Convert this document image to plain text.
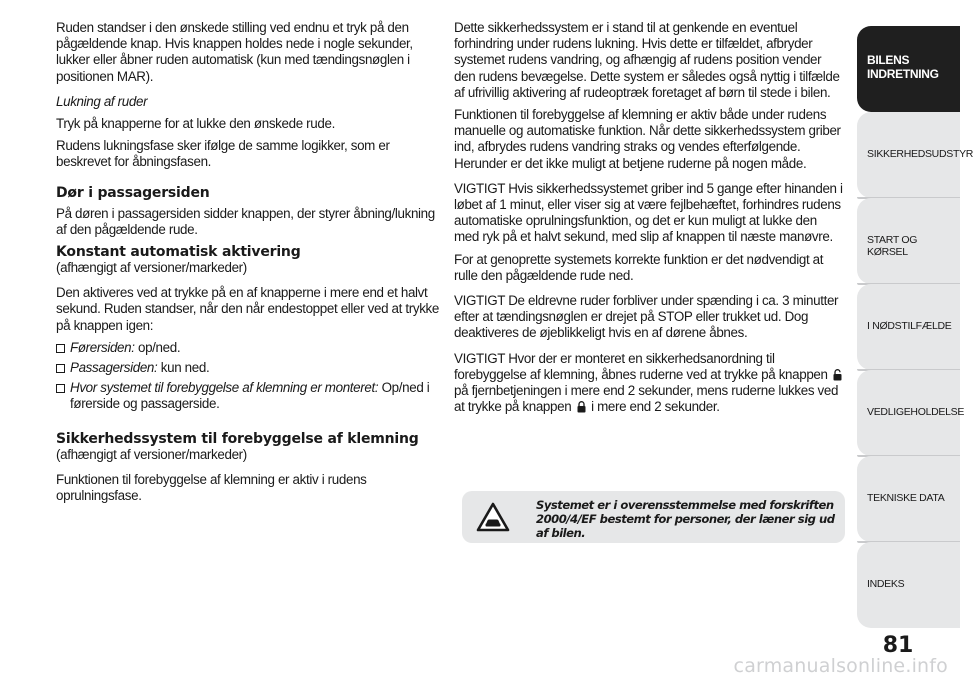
Ruden standser i den ønskede stilling ved endnu et tryk på den pågældende knap. Hvis knappen holdes nede i nogle sekunder, lukker eller åbner ruden automatisk (kun med tændingsnøglen i positionen MAR).

Lukning af ruder

Tryk på knapperne for at lukke den ønskede rude.

Rudens lukningsfase sker ifølge de samme logikker, som er beskrevet for åbningsfasen.

Dør i passagersiden

På døren i passagersiden sidder knappen, der styrer åbning/lukning af den pågældende rude.

Konstant automatisk aktivering

(afhængigt af versioner/markeder)

Den aktiveres ved at trykke på en af knapperne i mere end et halvt sekund. Ruden standser, når den når endestoppet eller ved at trykke på knappen igen:

Førersiden: op/ned.
Passagersiden: kun ned.
Hvor systemet til forebyggelse af klemning er monteret: Op/ned i førerside og passagerside.
Sikkerhedssystem til forebyggelse af klemning

(afhængigt af versioner/markeder)

Funktionen til forebyggelse af klemning er aktiv i rudens oprulningsfase.

Dette sikkerhedssystem er i stand til at genkende en eventuel forhindring under rudens lukning. Hvis dette er tilfældet, afbryder systemet rudens vandring, og afhængig af rudens position vender den rudens bevægelse. Dette system er således også nyttig i tilfælde af ufrivillig aktivering af rudeoptræk foretaget af børn til stede i bilen.

Funktionen til forebyggelse af klemning er aktiv både under rudens manuelle og automatiske funktion. Når dette sikkerhedssystem griber ind, afbrydes rudens vandring straks og vendes efterfølgende. Herunder er det ikke muligt at betjene ruderne på nogen måde.

VIGTIGT Hvis sikkerhedssystemet griber ind 5 gange efter hinanden i løbet af 1 minut, eller viser sig at være fejlbehæftet, forhindres rudens automatiske oprulningsfunktion, og det er kun muligt at lukke den med ryk på et halvt sekund, med slip af knappen til næste manøvre.

For at genoprette systemets korrekte funktion er det nødvendigt at rulle den pågældende rude ned.

VIGTIGT De eldrevne ruder forbliver under spænding i ca. 3 minutter efter at tændingsnøglen er drejet på STOP eller trukket ud. Dog deaktiveres de øjeblikkeligt hvis en af dørene åbnes.

VIGTIGT Hvor der er monteret en sikkerhedsanordning til forebyggelse af klemning, åbnes ruderne ved at trykke på knappen  på fjernbetjeningen i mere end 2 sekunder, mens ruderne lukkes ved at trykke på knappen i mere end 2 sekunder.

Systemet er i overensstemmelse med forskriften 2000/4/EF bestemt for personer, der læner sig ud af bilen.
BILENS
INDRETNING
SIKKERHEDSUDSTYR
START OG KØRSEL
I NØDSTILFÆLDE
VEDLIGEHOLDELSE
TEKNISKE DATA
INDEKS
81
carmanualsonline.info
